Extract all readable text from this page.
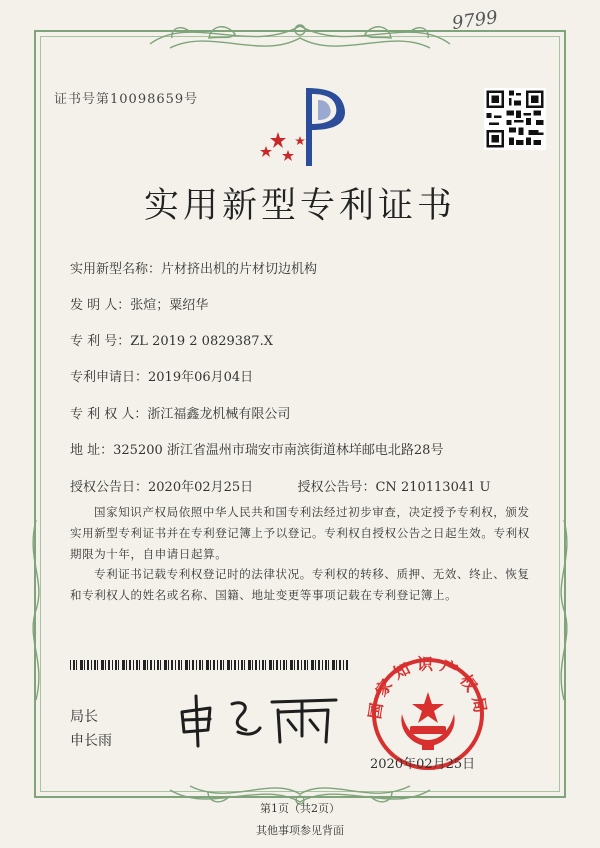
9799
证书号第10098659号
实用新型专利证书
实用新型名称：片材挤出机的片材切边机构
发 明 人：张煊；粟绍华
专 利 号：ZL 2019 2 0829387.X
专利申请日：2019年06月04日
专 利 权 人：浙江福鑫龙机械有限公司
地 址：325200 浙江省温州市瑞安市南滨街道林垟邮电北路28号
授权公告日：2020年02月25日	授权公告号：CN 210113041 U
国家知识产权局依照中华人民共和国专利法经过初步审查，决定授予专利权，颁发实用新型专利证书并在专利登记簿上予以登记。专利权自授权公告之日起生效。专利权期限为十年，自申请日起算。
专利证书记载专利权登记时的法律状况。专利权的转移、质押、无效、终止、恢复和专利权人的姓名或名称、国籍、地址变更等事项记载在专利登记簿上。
局长
申长雨
国家知识产权局
2020年02月25日
第1页（共2页）
其他事项参见背面
